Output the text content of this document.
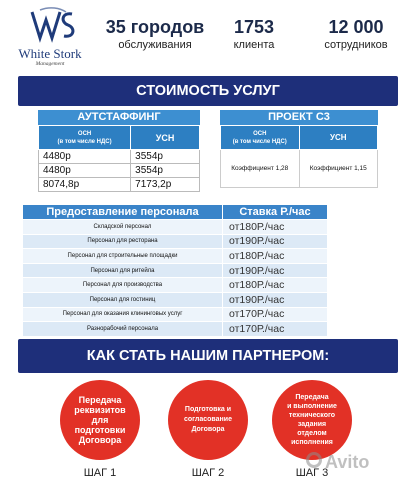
White Stork
Management
35 городов
обслуживания
1753
клиента
12 000
сотрудников
СТОИМОСТЬ УСЛУГ
АУТСТАФФИНГ
ОСН
(в том числе НДС)	УСН
4480р	3554р
4480р	3554р
8074,8р	7173,2р
ПРОЕКТ С3
ОСН
(в том числе НДС)	УСН
Коэффициент 1,28	Коэффициент 1,15
Предоставление персонала	Ставка Р./час
Складской персонал	от180Р./час
Персонал для ресторана	от190Р./час
Персонал для строительные площадки	от180Р./час
Персонал для ритейла	от190Р./час
Персонал для производства	от180Р./час
Персонал для гостиниц	от190Р./час
Персонал для оказания клининговых услуг	от170Р./час
Разнорабочий персонала	от170Р./час
КАК СТАТЬ НАШИМ ПАРТНЕРОМ:
Передача
реквизитов
для
подготовки
Договора
ШАГ 1
Подготовка и
согласование
Договора
ШАГ 2
Передача
и выполнение
технического
задания
отделом
исполнения
ШАГ 3
Avito
